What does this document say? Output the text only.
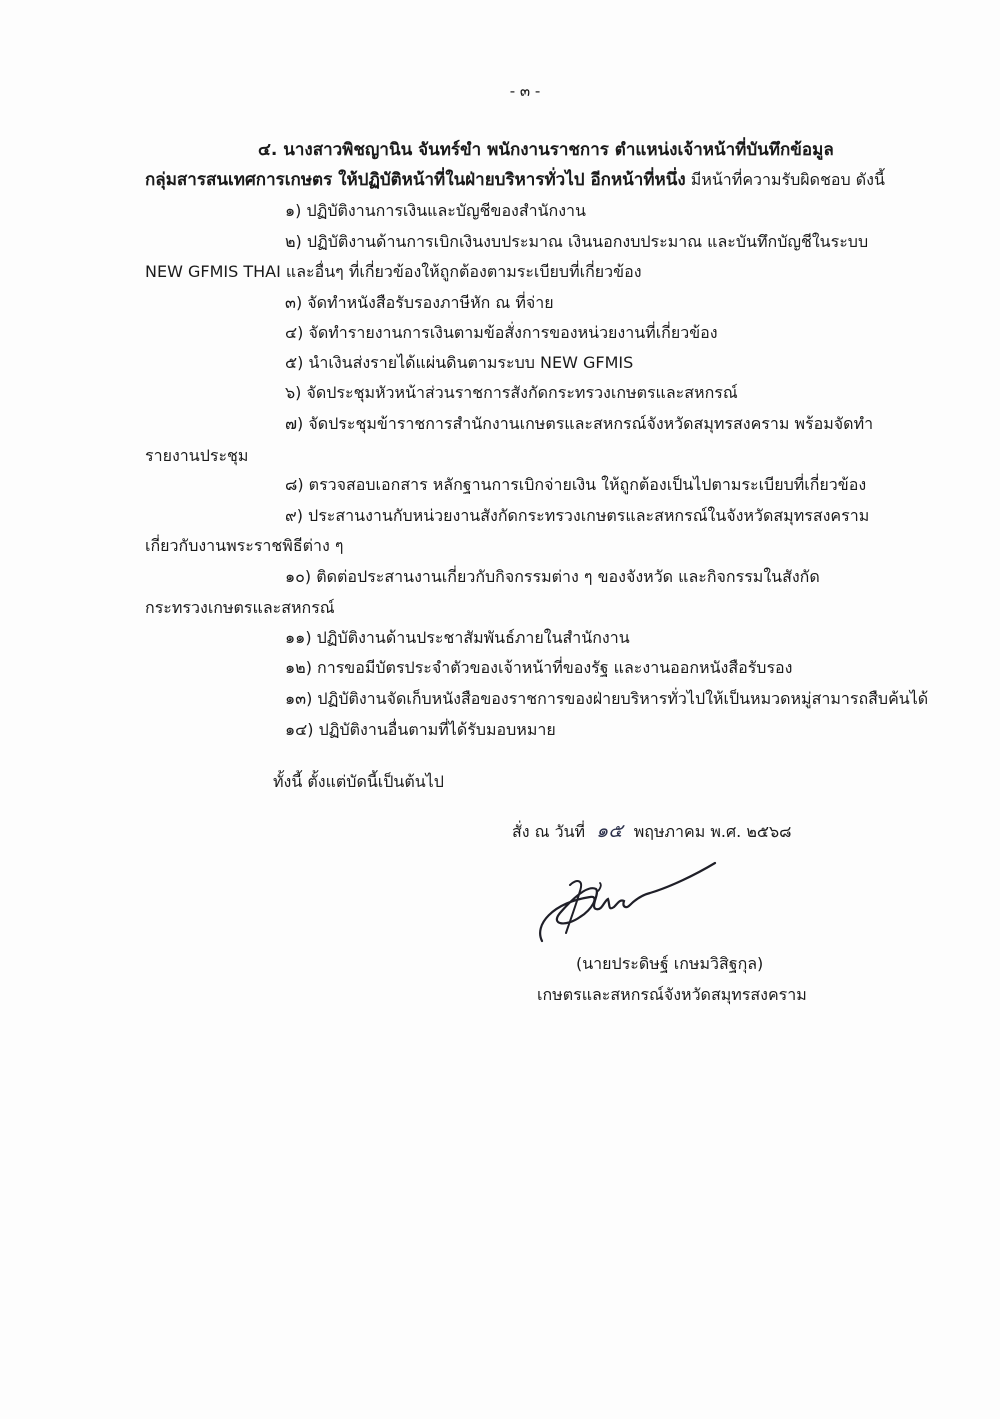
- ๓ -
๔. นางสาวพิชญานิน จันทร์ขำ พนักงานราชการ ตำแหน่งเจ้าหน้าที่บันทึกข้อมูล
กลุ่มสารสนเทศการเกษตร ให้ปฏิบัติหน้าที่ในฝ่ายบริหารทั่วไป อีกหน้าที่หนึ่ง มีหน้าที่ความรับผิดชอบ ดังนี้
๑) ปฏิบัติงานการเงินและบัญชีของสำนักงาน
๒) ปฏิบัติงานด้านการเบิกเงินงบประมาณ เงินนอกงบประมาณ และบันทึกบัญชีในระบบ
NEW GFMIS THAI และอื่นๆ ที่เกี่ยวข้องให้ถูกต้องตามระเบียบที่เกี่ยวข้อง
๓) จัดทำหนังสือรับรองภาษีหัก ณ ที่จ่าย
๔) จัดทำรายงานการเงินตามข้อสั่งการของหน่วยงานที่เกี่ยวข้อง
๕) นำเงินส่งรายได้แผ่นดินตามระบบ NEW GFMIS
๖) จัดประชุมหัวหน้าส่วนราชการสังกัดกระทรวงเกษตรและสหกรณ์
๗) จัดประชุมข้าราชการสำนักงานเกษตรและสหกรณ์จังหวัดสมุทรสงคราม พร้อมจัดทำ
รายงานประชุม
๘) ตรวจสอบเอกสาร หลักฐานการเบิกจ่ายเงิน ให้ถูกต้องเป็นไปตามระเบียบที่เกี่ยวข้อง
๙) ประสานงานกับหน่วยงานสังกัดกระทรวงเกษตรและสหกรณ์ในจังหวัดสมุทรสงคราม
เกี่ยวกับงานพระราชพิธีต่าง ๆ
๑๐) ติดต่อประสานงานเกี่ยวกับกิจกรรมต่าง ๆ ของจังหวัด และกิจกรรมในสังกัด
กระทรวงเกษตรและสหกรณ์
๑๑) ปฏิบัติงานด้านประชาสัมพันธ์ภายในสำนักงาน
๑๒) การขอมีบัตรประจำตัวของเจ้าหน้าที่ของรัฐ และงานออกหนังสือรับรอง
๑๓) ปฏิบัติงานจัดเก็บหนังสือของราชการของฝ่ายบริหารทั่วไปให้เป็นหมวดหมู่สามารถสืบค้นได้
๑๔) ปฏิบัติงานอื่นตามที่ได้รับมอบหมาย
ทั้งนี้ ตั้งแต่บัดนี้เป็นต้นไป
สั่ง ณ วันที่ ๑๕ พฤษภาคม พ.ศ. ๒๕๖๘
(นายประดิษฐ์ เกษมวิสิฐกุล)
เกษตรและสหกรณ์จังหวัดสมุทรสงคราม
